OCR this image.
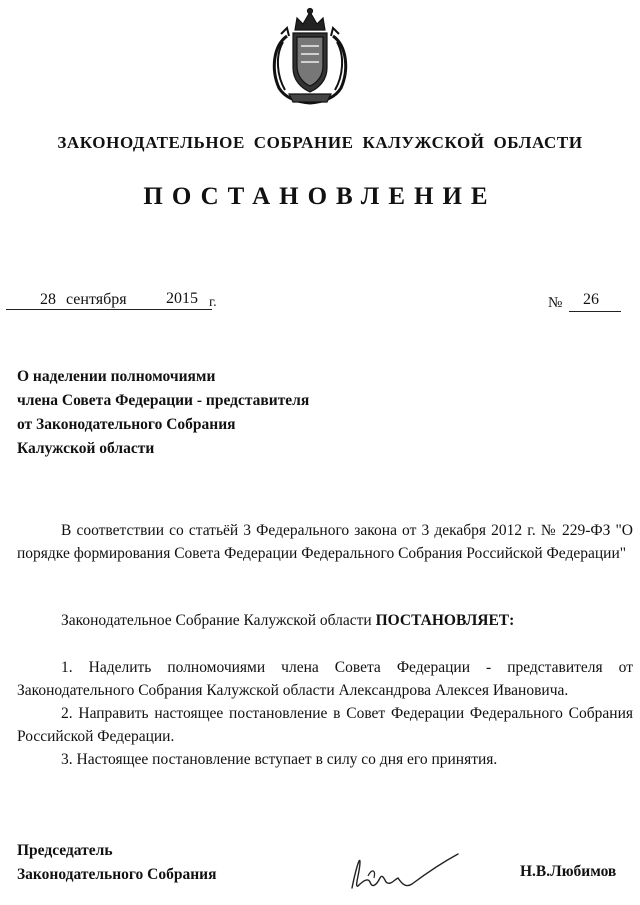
ЗАКОНОДАТЕЛЬНОЕ СОБРАНИЕ КАЛУЖСКОЙ ОБЛАСТИ
ПОСТАНОВЛЕНИЕ
28 сентября 2015 г.	№ 26
О наделении полномочиями
члена Совета Федерации - представителя
от Законодательного Собрания
Калужской области
В соответствии со статьёй 3 Федерального закона от 3 декабря 2012 г. № 229-ФЗ "О порядке формирования Совета Федерации Федерального Собрания Российской Федерации"
Законодательное Собрание Калужской области ПОСТАНОВЛЯЕТ:
1. Наделить полномочиями члена Совета Федерации - представителя от Законодательного Собрания Калужской области Александрова Алексея Ивановича.
2. Направить настоящее постановление в Совет Федерации Федерального Собрания Российской Федерации.
3. Настоящее постановление вступает в силу со дня его принятия.
Председатель
Законодательного Собрания	Н.В.Любимов
